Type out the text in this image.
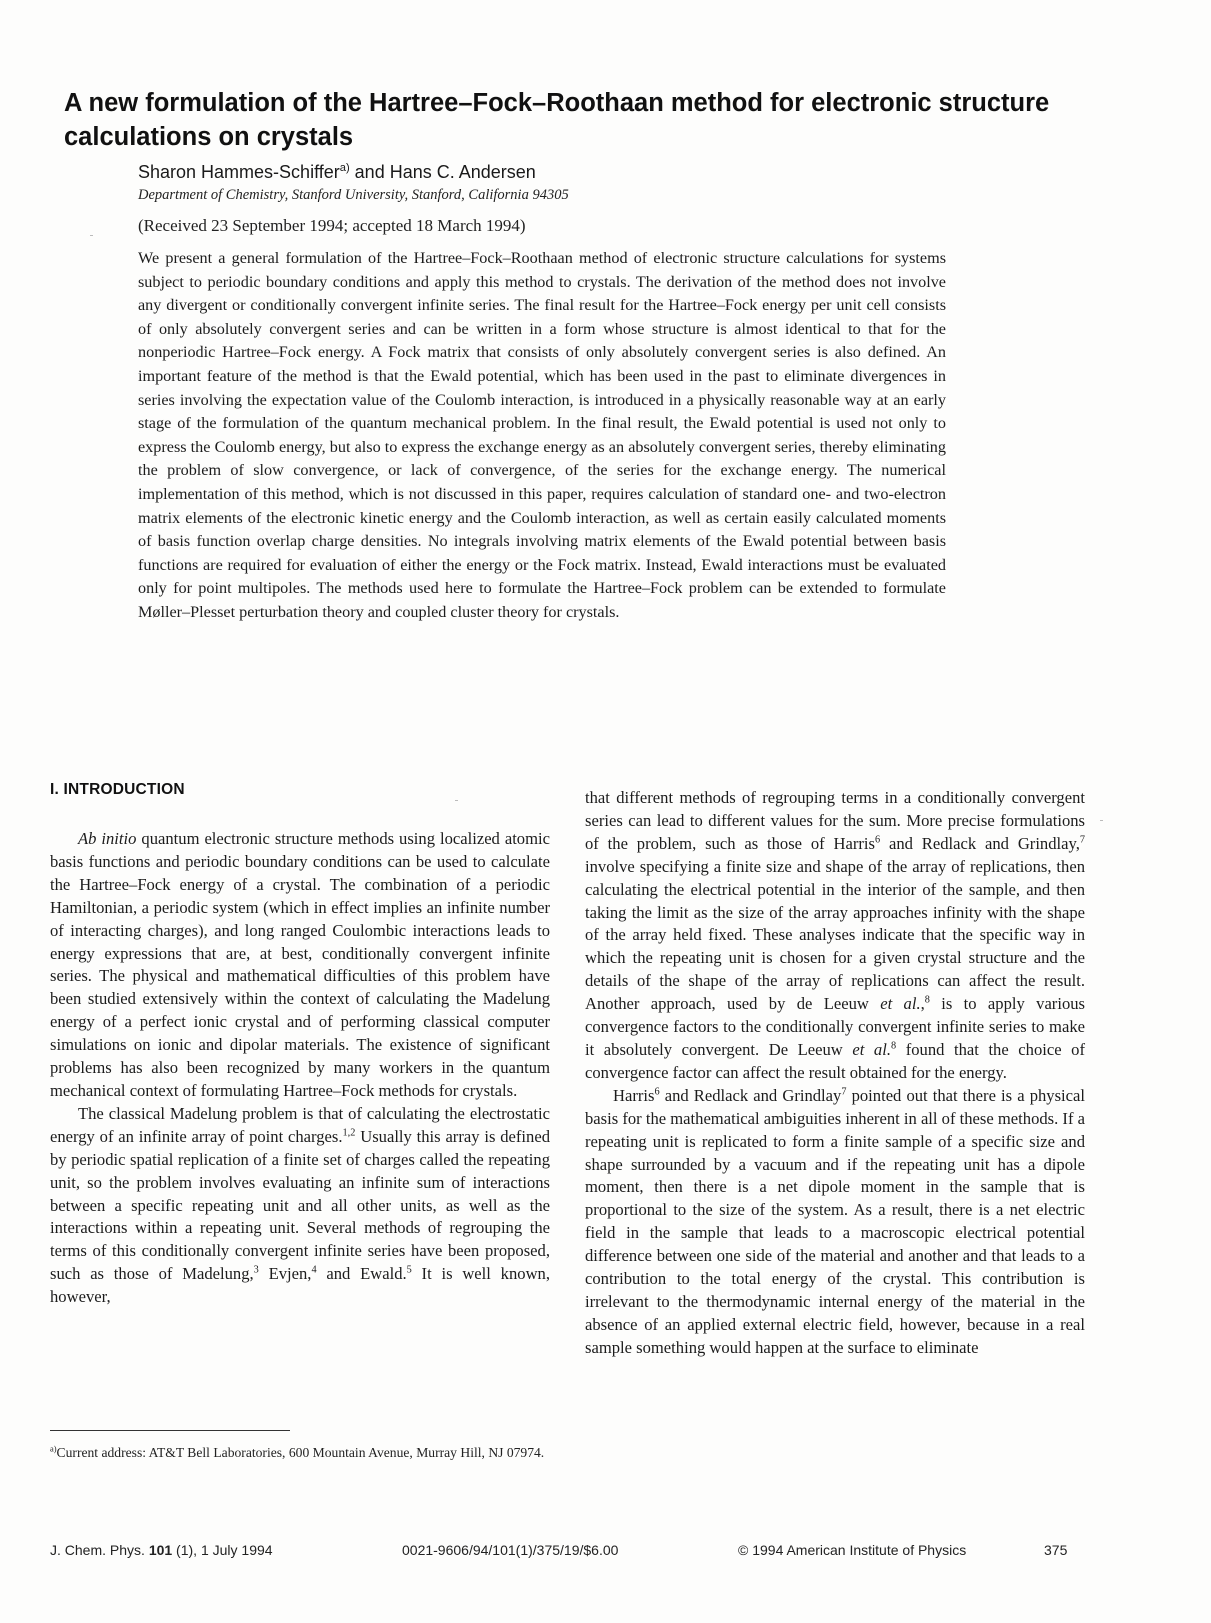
A new formulation of the Hartree–Fock–Roothaan method for electronic structure calculations on crystals
Sharon Hammes-Schiffer$^{a)}$ and Hans C. Andersen
Department of Chemistry, Stanford University, Stanford, California 94305
(Received 23 September 1994; accepted 18 March 1994)

We present a general formulation of the Hartree–Fock–Roothaan method of electronic structure calculations for systems subject to periodic boundary conditions and apply this method to crystals. The derivation of the method does not involve any divergent or conditionally convergent infinite series. The final result for the Hartree–Fock energy per unit cell consists of only absolutely convergent series and can be written in a form whose structure is almost identical to that for the nonperiodic Hartree–Fock energy. A Fock matrix that consists of only absolutely convergent series is also defined. An important feature of the method is that the Ewald potential, which has been used in the past to eliminate divergences in series involving the expectation value of the Coulomb interaction, is introduced in a physically reasonable way at an early stage of the formulation of the quantum mechanical problem. In the final result, the Ewald potential is used not only to express the Coulomb energy, but also to express the exchange energy as an absolutely convergent series, thereby eliminating the problem of slow convergence, or lack of convergence, of the series for the exchange energy. The numerical implementation of this method, which is not discussed in this paper, requires calculation of standard one- and two-electron matrix elements of the electronic kinetic energy and the Coulomb interaction, as well as certain easily calculated moments of basis function overlap charge densities. No integrals involving matrix elements of the Ewald potential between basis functions are required for evaluation of either the energy or the Fock matrix. Instead, Ewald interactions must be evaluated only for point multipoles. The methods used here to formulate the Hartree–Fock problem can be extended to formulate Møller–Plesset perturbation theory and coupled cluster theory for crystals.

I. INTRODUCTION

Ab initio quantum electronic structure methods using localized atomic basis functions and periodic boundary conditions can be used to calculate the Hartree–Fock energy of a crystal. The combination of a periodic Hamiltonian, a periodic system (which in effect implies an infinite number of interacting charges), and long ranged Coulombic interactions leads to energy expressions that are, at best, conditionally convergent infinite series. The physical and mathematical difficulties of this problem have been studied extensively within the context of calculating the Madelung energy of a perfect ionic crystal and of performing classical computer simulations on ionic and dipolar materials. The existence of significant problems has also been recognized by many workers in the quantum mechanical context of formulating Hartree–Fock methods for crystals.

The classical Madelung problem is that of calculating the electrostatic energy of an infinite array of point charges.$^{1,2}$ Usually this array is defined by periodic spatial replication of a finite set of charges called the repeating unit, so the problem involves evaluating an infinite sum of interactions between a specific repeating unit and all other units, as well as the interactions within a repeating unit. Several methods of regrouping the terms of this conditionally convergent infinite series have been proposed, such as those of Madelung,$^3$ Evjen,$^4$ and Ewald.$^5$ It is well known, however,

that different methods of regrouping terms in a conditionally convergent series can lead to different values for the sum. More precise formulations of the problem, such as those of Harris$^6$ and Redlack and Grindlay,$^7$ involve specifying a finite size and shape of the array of replications, then calculating the electrical potential in the interior of the sample, and then taking the limit as the size of the array approaches infinity with the shape of the array held fixed. These analyses indicate that the specific way in which the repeating unit is chosen for a given crystal structure and the details of the shape of the array of replications can affect the result. Another approach, used by de Leeuw et al.,$^8$ is to apply various convergence factors to the conditionally convergent infinite series to make it absolutely convergent. De Leeuw et al.$^8$ found that the choice of convergence factor can affect the result obtained for the energy.

Harris$^6$ and Redlack and Grindlay$^7$ pointed out that there is a physical basis for the mathematical ambiguities inherent in all of these methods. If a repeating unit is replicated to form a finite sample of a specific size and shape surrounded by a vacuum and if the repeating unit has a dipole moment, then there is a net dipole moment in the sample that is proportional to the size of the system. As a result, there is a net electric field in the sample that leads to a macroscopic electrical potential difference between one side of the material and another and that leads to a contribution to the total energy of the crystal. This contribution is irrelevant to the thermodynamic internal energy of the material in the absence of an applied external electric field, however, because in a real sample something would happen at the surface to eliminate

$^{a)}$Current address: AT&T Bell Laboratories, 600 Mountain Avenue, Murray Hill, NJ 07974.

J. Chem. Phys. 101 (1), 1 July 1994	0021-9606/94/101(1)/375/19/$6.00	© 1994 American Institute of Physics	375
